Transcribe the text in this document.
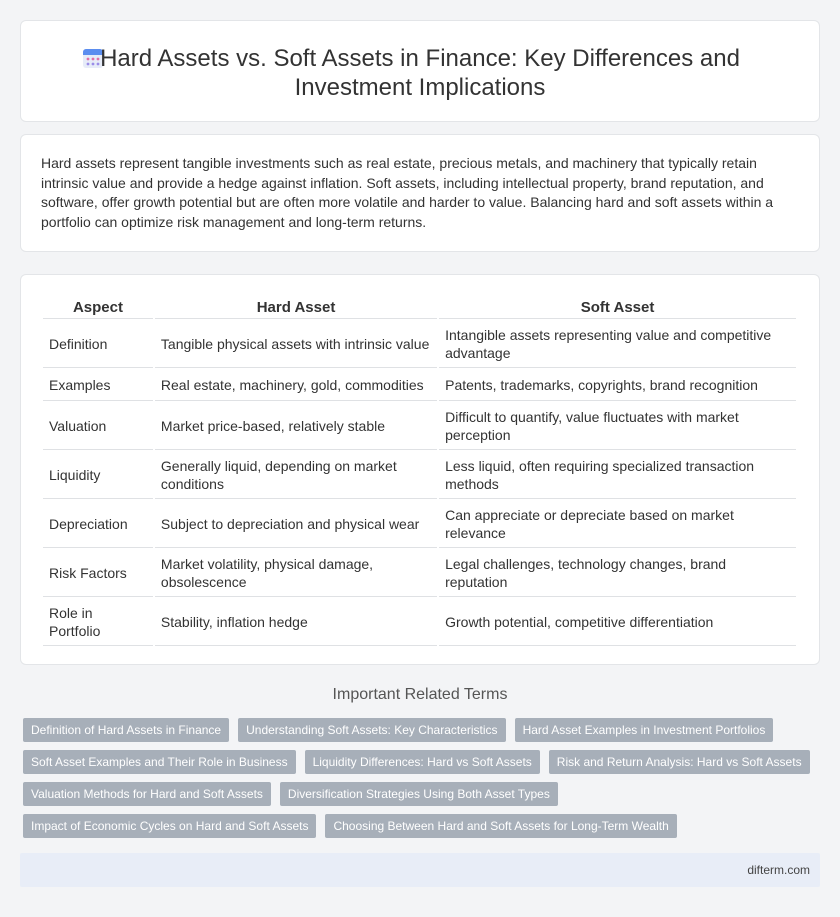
Hard Assets vs. Soft Assets in Finance: Key Differences and Investment Implications

Hard assets represent tangible investments such as real estate, precious metals, and machinery that typically retain intrinsic value and provide a hedge against inflation. Soft assets, including intellectual property, brand reputation, and software, offer growth potential but are often more volatile and harder to value. Balancing hard and soft assets within a portfolio can optimize risk management and long-term returns.

Aspect	Hard Asset	Soft Asset
Definition	Tangible physical assets with intrinsic value	Intangible assets representing value and competitive advantage
Examples	Real estate, machinery, gold, commodities	Patents, trademarks, copyrights, brand recognition
Valuation	Market price-based, relatively stable	Difficult to quantify, value fluctuates with market perception
Liquidity	Generally liquid, depending on market conditions	Less liquid, often requiring specialized transaction methods
Depreciation	Subject to depreciation and physical wear	Can appreciate or depreciate based on market relevance
Risk Factors	Market volatility, physical damage, obsolescence	Legal challenges, technology changes, brand reputation
Role in Portfolio	Stability, inflation hedge	Growth potential, competitive differentiation
Important Related Terms
Definition of Hard Assets in Finance	Understanding Soft Assets: Key Characteristics	Hard Asset Examples in Investment Portfolios
Soft Asset Examples and Their Role in Business	Liquidity Differences: Hard vs Soft Assets	Risk and Return Analysis: Hard vs Soft Assets
Valuation Methods for Hard and Soft Assets	Diversification Strategies Using Both Asset Types
Impact of Economic Cycles on Hard and Soft Assets	Choosing Between Hard and Soft Assets for Long-Term Wealth
difterm.com
